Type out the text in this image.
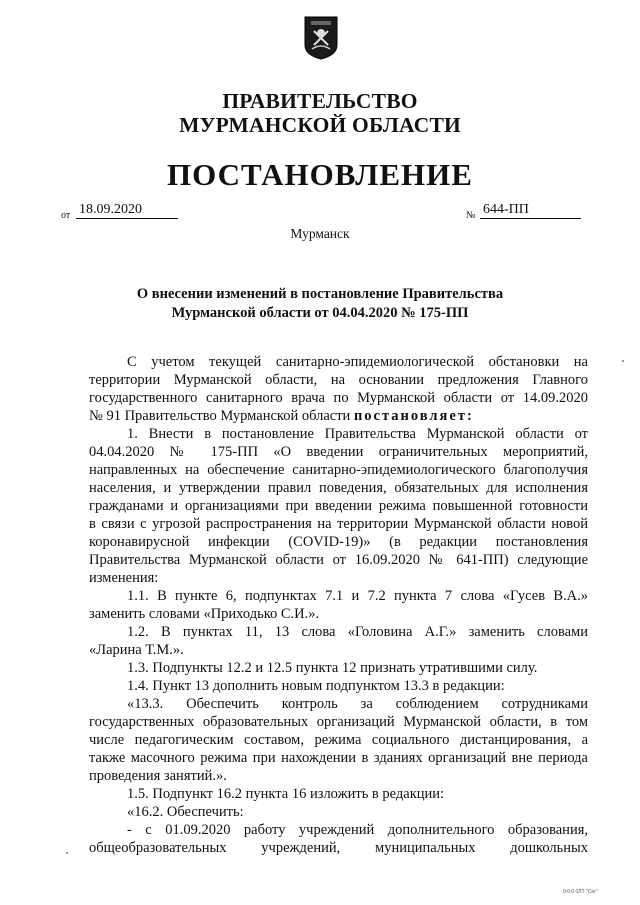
ПРАВИТЕЛЬСТВО
МУРМАНСКОЙ ОБЛАСТИ
ПОСТАНОВЛЕНИЕ
от 18.09.2020	№ 644-ПП
Мурманск
О внесении изменений в постановление Правительства
Мурманской области от 04.04.2020 № 175-ПП
С учетом текущей санитарно-эпидемиологической обстановки на
территории Мурманской области, на основании предложения Главного
государственного санитарного врача по Мурманской области от 14.09.2020
№ 91 Правительство Мурманской области постановляет:
1. Внести в постановление Правительства Мурманской области от
04.04.2020 № 175-ПП «О введении ограничительных мероприятий,
направленных на обеспечение санитарно-эпидемиологического благополучия
населения, и утверждении правил поведения, обязательных для исполнения
гражданами и организациями при введении режима повышенной готовности
в связи с угрозой распространения на территории Мурманской области новой
коронавирусной инфекции (COVID-19)» (в редакции постановления
Правительства Мурманской области от 16.09.2020 № 641-ПП) следующие
изменения:
1.1. В пункте 6, подпунктах 7.1 и 7.2 пункта 7 слова «Гусев В.А.»
заменить словами «Приходько С.И.».
1.2. В пунктах 11, 13 слова «Головина А.Г.» заменить словами
«Ларина Т.М.».
1.3. Подпункты 12.2 и 12.5 пункта 12 признать утратившими силу.
1.4. Пункт 13 дополнить новым подпунктом 13.3 в редакции:
«13.3. Обеспечить контроль за соблюдением сотрудниками
государственных образовательных организаций Мурманской области, в том
числе педагогическим составом, режима социального дистанцирования, а
также масочного режима при нахождении в зданиях организаций вне периода
проведения занятий.».
1.5. Подпункт 16.2 пункта 16 изложить в редакции:
«16.2. Обеспечить:
- с 01.09.2020 работу учреждений дополнительного образования,
общеобразовательных учреждений, муниципальных дошкольных
0:0:0 0ЛТ "Сег"
